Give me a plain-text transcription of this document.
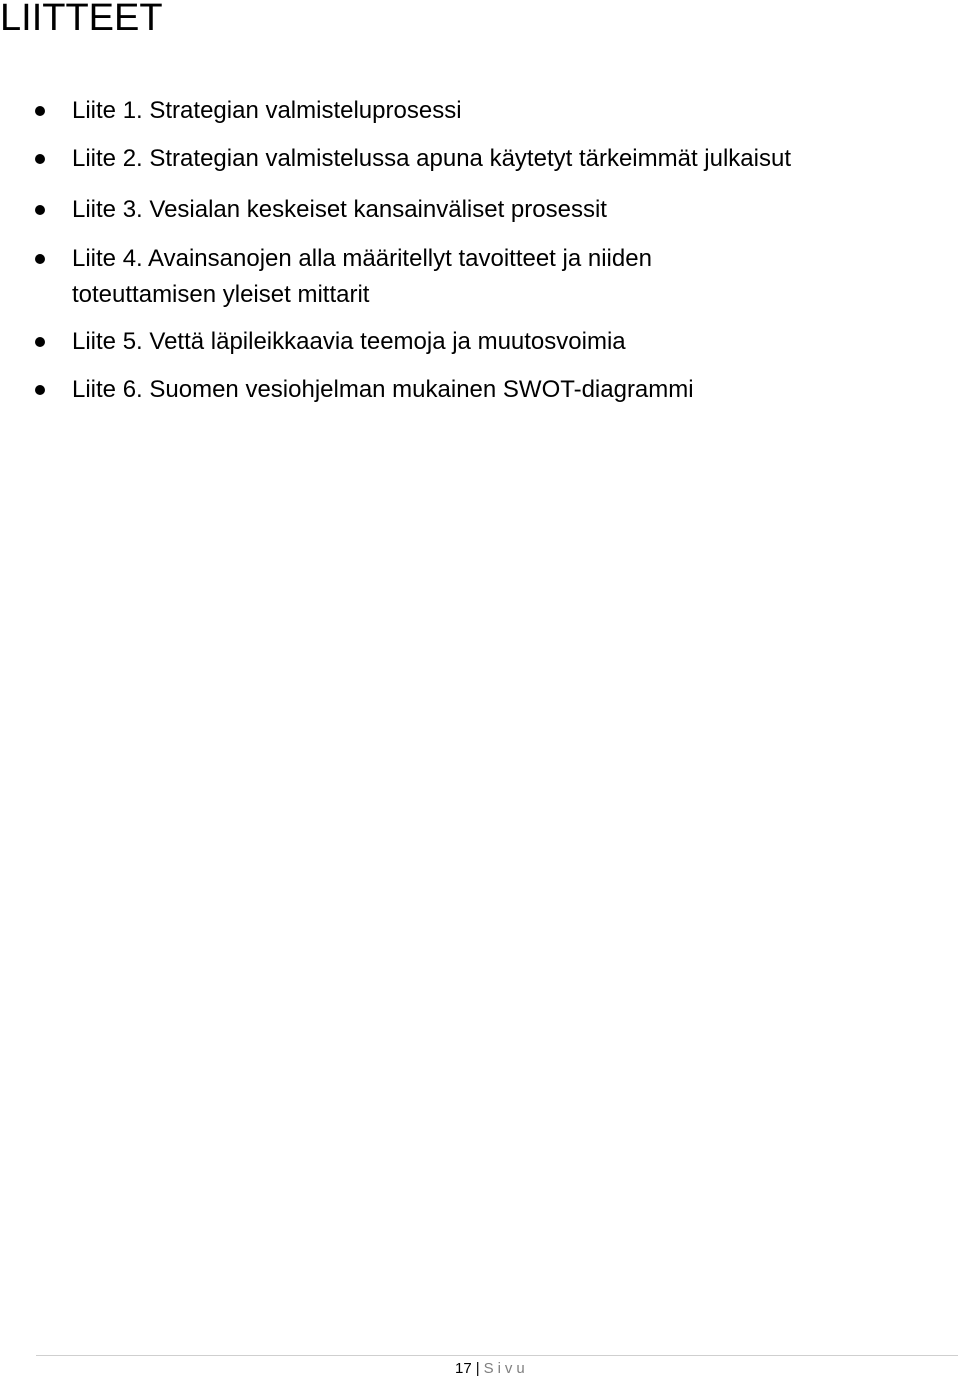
LIITTEET
Liite 1. Strategian valmisteluprosessi
Liite 2. Strategian valmistelussa apuna käytetyt tärkeimmät julkaisut
Liite 3. Vesialan keskeiset kansainväliset prosessit
Liite 4. Avainsanojen alla määritellyt tavoitteet ja niiden toteuttamisen yleiset mittarit
Liite 5. Vettä läpileikkaavia teemoja ja muutosvoimia
Liite 6. Suomen vesiohjelman mukainen SWOT-diagrammi
17 | Sivu
